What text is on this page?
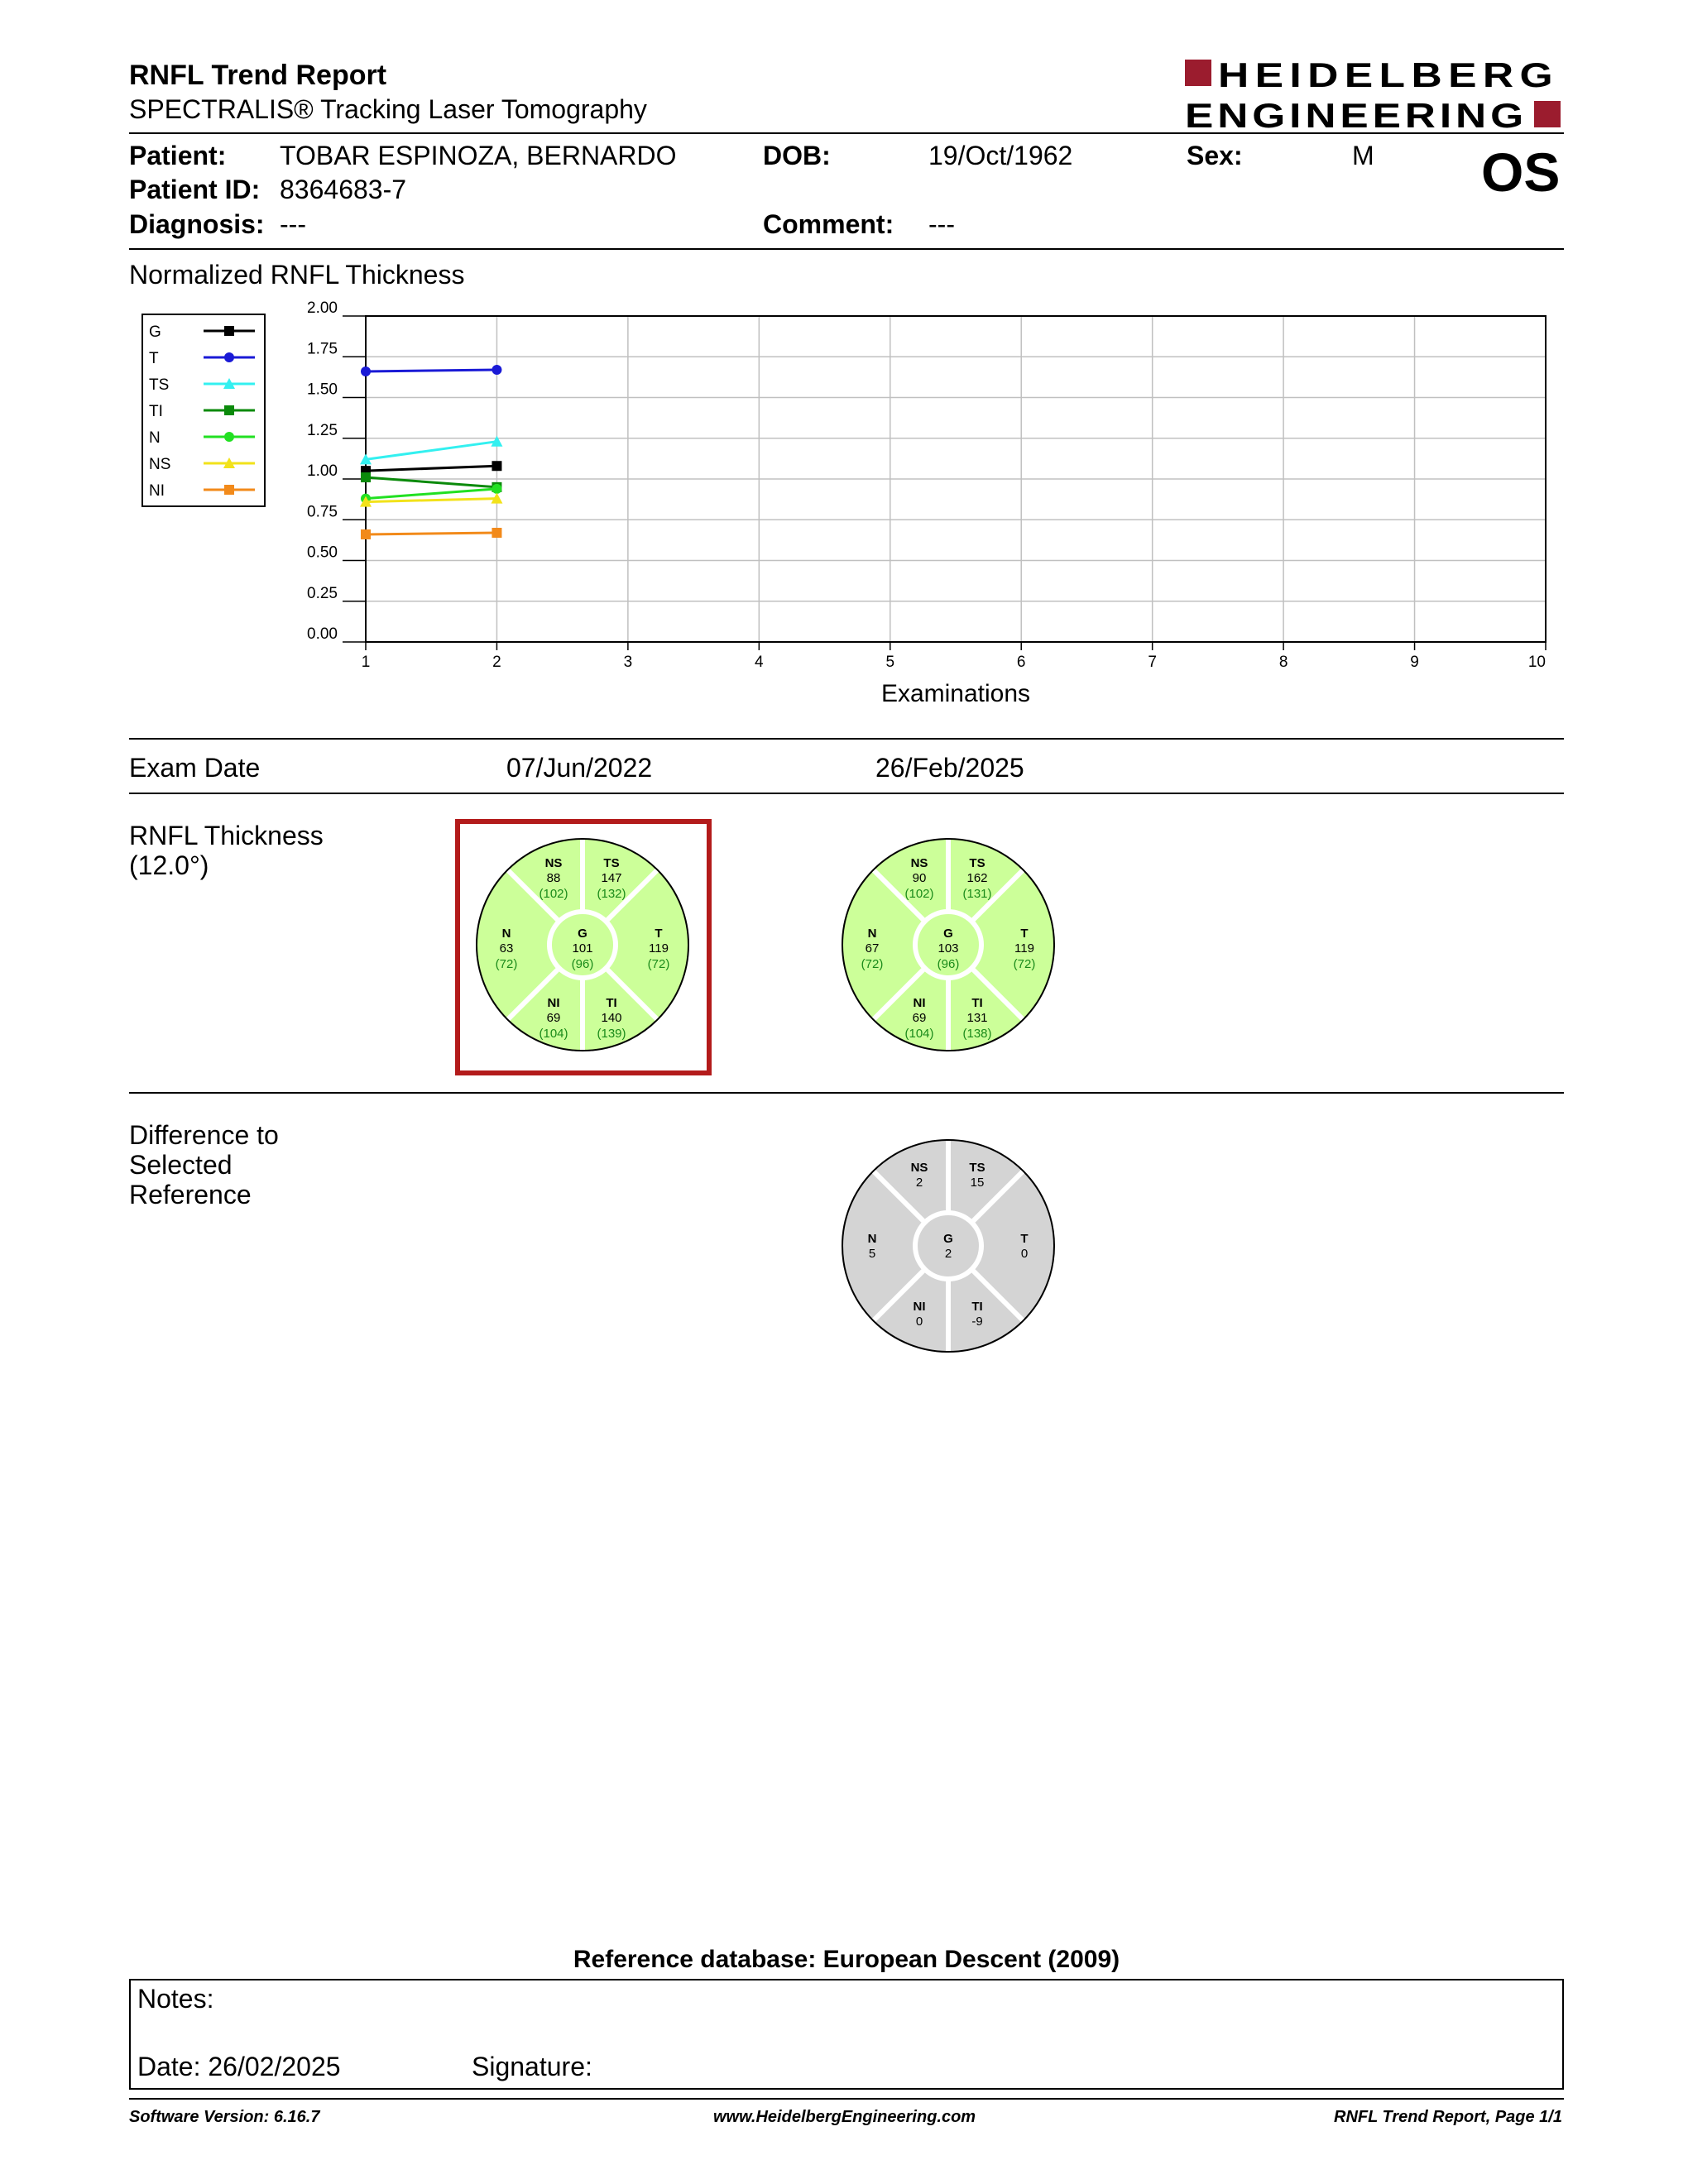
RNFL Trend Report
SPECTRALIS® Tracking Laser Tomography
HEIDELBERG
ENGINEERING
Patient: TOBAR ESPINOZA, BERNARDO
Patient ID: 8364683-7
Diagnosis: ---
DOB:	19/Oct/1962
Comment: ---
Sex:	M OS
Normalized RNFL Thickness
G
T
TS
TI
N
NS
NI
0.00
0.25
0.50
0.75
1.00
1.25
1.50
1.75
2.00
1	2	3	4	5	6	7	8	9	10
Examinations
Exam Date	07/Jun/2022	26/Feb/2025
RNFL Thickness
(12.0°)	NS
88
(102)
TS
147
(132)
N
63
(72)
G
101
(96)
T
119
(72)
NI
69
(104)
TI
140
(139)
NS
90
(102)
TS
162
(131)
N
67
(72)
G
103
(96)
T
119
(72)
NI
69
(104)
TI
131
(138)
Difference to
Selected
Reference
NS
2
TS
15
N
5
G
2
T
0
NI
0
TI
-9
Reference database: European Descent (2009)
Notes:
Date: 26/02/2025	Signature:
Software Version: 6.16.7	www.HeidelbergEngineering.com	RNFL Trend Report, Page 1/1
